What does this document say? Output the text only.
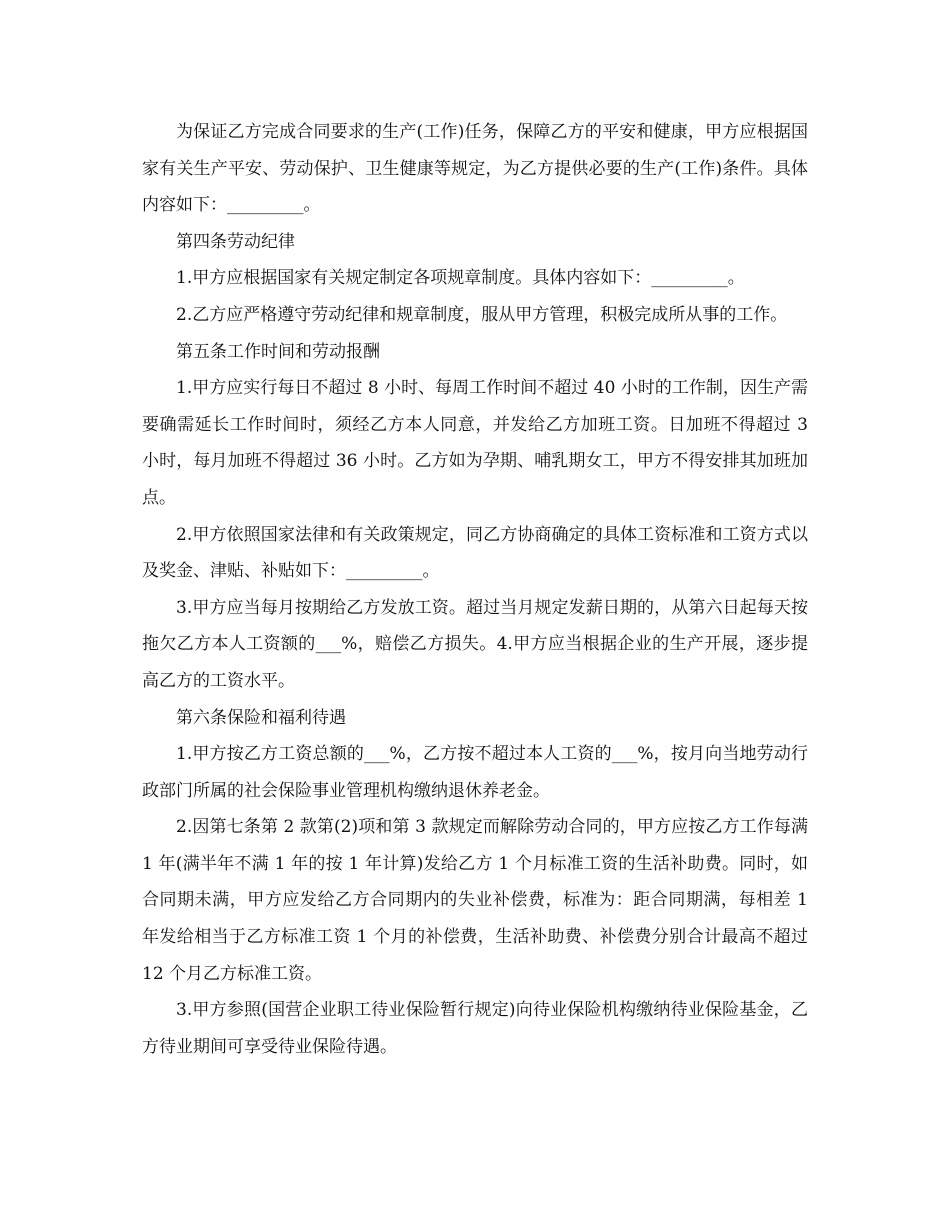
为保证乙方完成合同要求的生产(工作)任务，保障乙方的平安和健康，甲方应根据国家有关生产平安、劳动保护、卫生健康等规定，为乙方提供必要的生产(工作)条件。具体内容如下：_________。

第四条劳动纪律

1.甲方应根据国家有关规定制定各项规章制度。具体内容如下：_________。

2.乙方应严格遵守劳动纪律和规章制度，服从甲方管理，积极完成所从事的工作。

第五条工作时间和劳动报酬

1.甲方应实行每日不超过 8 小时、每周工作时间不超过 40 小时的工作制，因生产需要确需延长工作时间时，须经乙方本人同意，并发给乙方加班工资。日加班不得超过 3 小时，每月加班不得超过 36 小时。乙方如为孕期、哺乳期女工，甲方不得安排其加班加点。

2.甲方依照国家法律和有关政策规定，同乙方协商确定的具体工资标准和工资方式以及奖金、津贴、补贴如下：_________。

3.甲方应当每月按期给乙方发放工资。超过当月规定发薪日期的，从第六日起每天按拖欠乙方本人工资额的___%，赔偿乙方损失。4.甲方应当根据企业的生产开展，逐步提高乙方的工资水平。

第六条保险和福利待遇

1.甲方按乙方工资总额的___%，乙方按不超过本人工资的___%，按月向当地劳动行政部门所属的社会保险事业管理机构缴纳退休养老金。

2.因第七条第 2 款第(2)项和第 3 款规定而解除劳动合同的，甲方应按乙方工作每满 1 年(满半年不满 1 年的按 1 年计算)发给乙方 1 个月标准工资的生活补助费。同时，如合同期未满，甲方应发给乙方合同期内的失业补偿费，标准为：距合同期满，每相差 1 年发给相当于乙方标准工资 1 个月的补偿费，生活补助费、补偿费分别合计最高不超过 12 个月乙方标准工资。

3.甲方参照(国营企业职工待业保险暂行规定)向待业保险机构缴纳待业保险基金，乙方待业期间可享受待业保险待遇。
